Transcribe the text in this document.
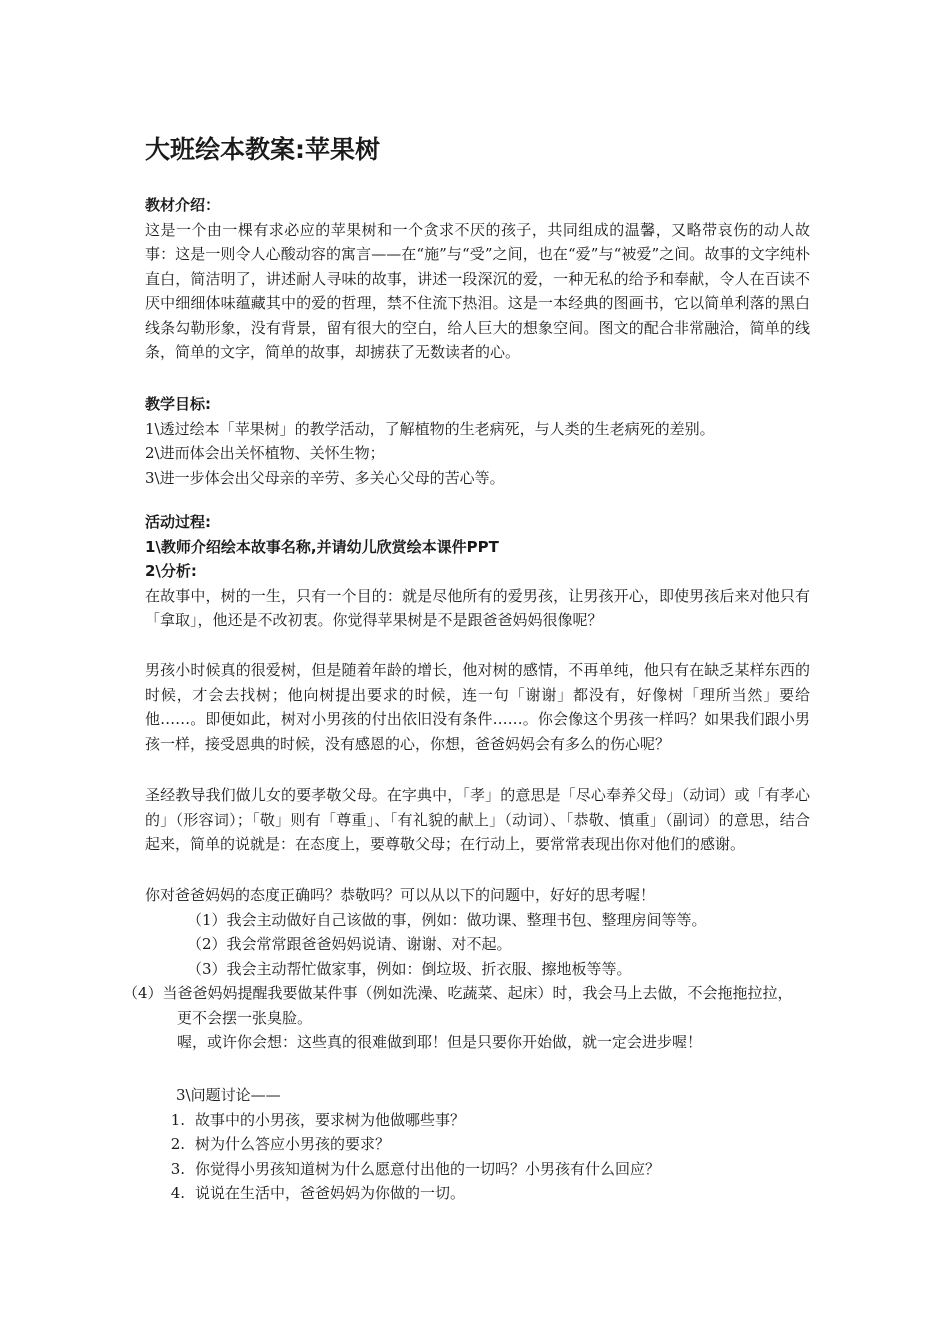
大班绘本教案:苹果树
教材介绍：
这是一个由一棵有求必应的苹果树和一个贪求不厌的孩子，共同组成的温馨，又略带哀伤的动人故事：这是一则令人心酸动容的寓言——在“施”与“受”之间，也在“爱”与“被爱”之间。故事的文字纯朴直白，简洁明了，讲述耐人寻味的故事，讲述一段深沉的爱，一种无私的给予和奉献，令人在百读不厌中细细体味蕴藏其中的爱的哲理，禁不住流下热泪。这是一本经典的图画书，它以简单利落的黑白线条勾勒形象，没有背景，留有很大的空白，给人巨大的想象空间。图文的配合非常融洽，简单的线条，简单的文字，简单的故事，却掳获了无数读者的心。
教学目标:
1\透过绘本「苹果树」的教学活动，了解植物的生老病死，与人类的生老病死的差别。
2\进而体会出关怀植物、关怀生物；
3\进一步体会出父母亲的辛劳、多关心父母的苦心等。
活动过程:
1\教师介绍绘本故事名称,并请幼儿欣赏绘本课件PPT
2\分析:
在故事中，树的一生，只有一个目的：就是尽他所有的爱男孩，让男孩开心，即使男孩后来对他只有「拿取」，他还是不改初衷。你觉得苹果树是不是跟爸爸妈妈很像呢？
男孩小时候真的很爱树，但是随着年龄的增长，他对树的感情，不再单纯，他只有在缺乏某样东西的时候，才会去找树；他向树提出要求的时候，连一句「谢谢」都没有，好像树「理所当然」要给他……。即便如此，树对小男孩的付出依旧没有条件……。你会像这个男孩一样吗？如果我们跟小男孩一样，接受恩典的时候，没有感恩的心，你想，爸爸妈妈会有多么的伤心呢？
圣经教导我们做儿女的要孝敬父母。在字典中，「孝」的意思是「尽心奉养父母」（动词）或「有孝心的」（形容词）；「敬」则有「尊重」、「有礼貌的献上」（动词）、「恭敬、慎重」（副词）的意思，结合起来，简单的说就是：在态度上，要尊敬父母；在行动上，要常常表现出你对他们的感谢。
你对爸爸妈妈的态度正确吗？恭敬吗？可以从以下的问题中，好好的思考喔！
（1）我会主动做好自己该做的事，例如：做功课、整理书包、整理房间等等。
（2）我会常常跟爸爸妈妈说请、谢谢、对不起。
（3）我会主动帮忙做家事，例如：倒垃圾、折衣服、擦地板等等。
（4）当爸爸妈妈提醒我要做某件事（例如洗澡、吃蔬菜、起床）时，我会马上去做，不会拖拖拉拉，
更不会摆一张臭脸。
喔，或许你会想：这些真的很难做到耶！但是只要你开始做，就一定会进步喔！
3\问题讨论——
1. 故事中的小男孩，要求树为他做哪些事？
2. 树为什么答应小男孩的要求？
3. 你觉得小男孩知道树为什么愿意付出他的一切吗？小男孩有什么回应？
4. 说说在生活中，爸爸妈妈为你做的一切。
